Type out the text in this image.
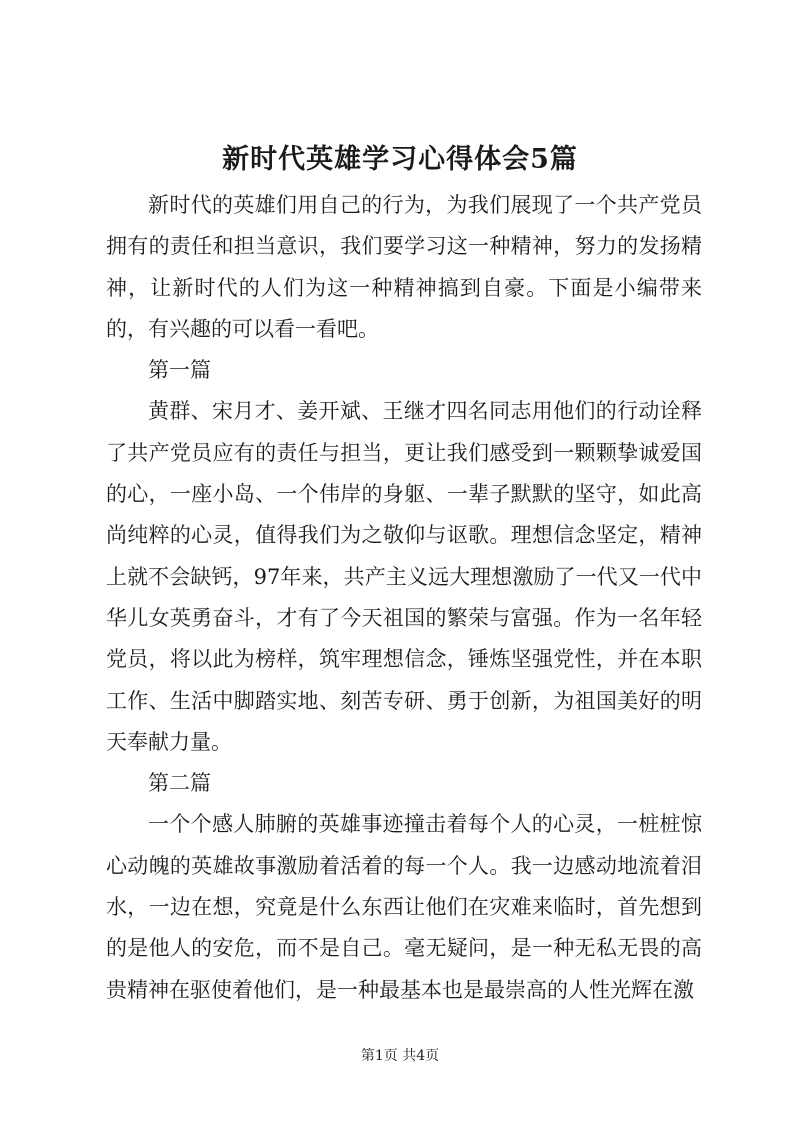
新时代英雄学习心得体会5篇

新时代的英雄们用自己的行为，为我们展现了一个共产党员拥有的责任和担当意识，我们要学习这一种精神，努力的发扬精神，让新时代的人们为这一种精神搞到自豪。下面是小编带来的，有兴趣的可以看一看吧。

第一篇

黄群、宋月才、姜开斌、王继才四名同志用他们的行动诠释了共产党员应有的责任与担当，更让我们感受到一颗颗挚诚爱国的心，一座小岛、一个伟岸的身躯、一辈子默默的坚守，如此高尚纯粹的心灵，值得我们为之敬仰与讴歌。理想信念坚定，精神上就不会缺钙，97年来，共产主义远大理想激励了一代又一代中华儿女英勇奋斗，才有了今天祖国的繁荣与富强。作为一名年轻党员，将以此为榜样，筑牢理想信念，锤炼坚强党性，并在本职工作、生活中脚踏实地、刻苦专研、勇于创新，为祖国美好的明天奉献力量。

第二篇

一个个感人肺腑的英雄事迹撞击着每个人的心灵，一桩桩惊心动魄的英雄故事激励着活着的每一个人。我一边感动地流着泪水，一边在想，究竟是什么东西让他们在灾难来临时，首先想到的是他人的安危，而不是自己。毫无疑问，是一种无私无畏的高贵精神在驱使着他们，是一种最基本也是最崇高的人性光辉在激

第1页 共4页
